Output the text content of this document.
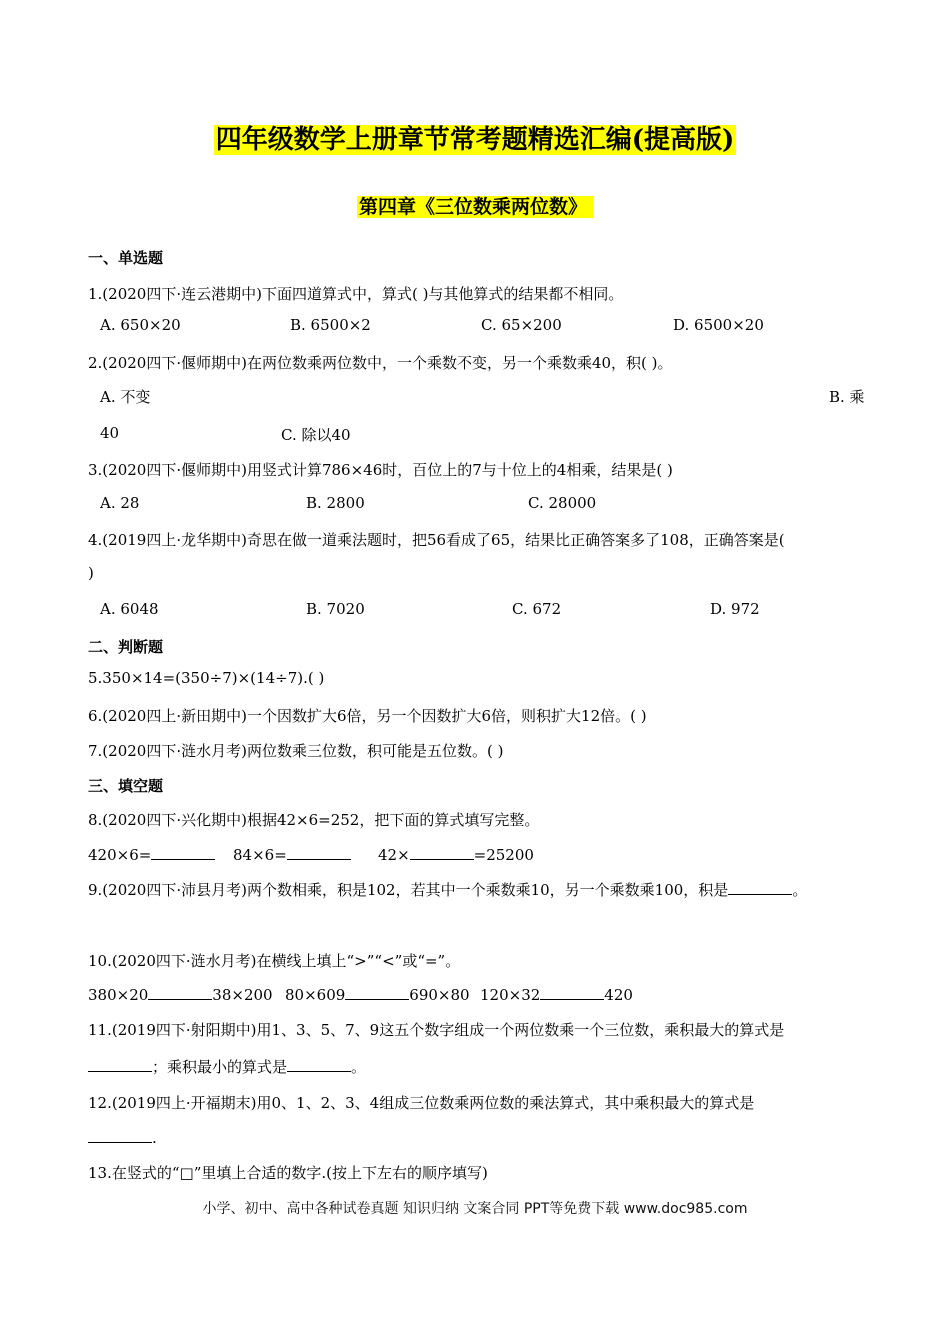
四年级数学上册章节常考题精选汇编(提高版)
第四章《三位数乘两位数》
一、单选题
1.(2020四下·连云港期中)下面四道算式中，算式( )与其他算式的结果都不相同。
A. 650×20	B. 6500×2	C. 65×200	D. 6500×20
2.(2020四下·偃师期中)在两位数乘两位数中，一个乘数不变，另一个乘数乘40，积( )。
A. 不变	B. 乘
40	C. 除以40
3.(2020四下·偃师期中)用竖式计算786×46时，百位上的7与十位上的4相乘，结果是( )
A. 28	B. 2800	C. 28000
4.(2019四上·龙华期中)奇思在做一道乘法题时，把56看成了65，结果比正确答案多了108，正确答案是(
)
A. 6048	B. 7020	C. 672	D. 972
二、判断题
5.350×14=(350÷7)×(14÷7).( )
6.(2020四上·新田期中)一个因数扩大6倍，另一个因数扩大6倍，则积扩大12倍。( )
7.(2020四下·涟水月考)两位数乘三位数，积可能是五位数。( )
三、填空题
8.(2020四下·兴化期中)根据42×6=252，把下面的算式填写完整。
420×6=	84×6=	42×	=25200
9.(2020四下·沛县月考)两个数相乘，积是102，若其中一个乘数乘10，另一个乘数乘100，积是	。
10.(2020四下·涟水月考)在横线上填上“>”“<”或“=”。
380×20	38×200 80×609	690×80 120×32	420
11.(2019四下·射阳期中)用1、3、5、7、9这五个数字组成一个两位数乘一个三位数，乘积最大的算式是
；乘积最小的算式是	。
12.(2019四上·开福期末)用0、1、2、3、4组成三位数乘两位数的乘法算式，其中乘积最大的算式是
.
13.在竖式的“□”里填上合适的数字.(按上下左右的顺序填写)
小学、初中、高中各种试卷真题 知识归纳 文案合同 PPT等免费下载 www.doc985.com
